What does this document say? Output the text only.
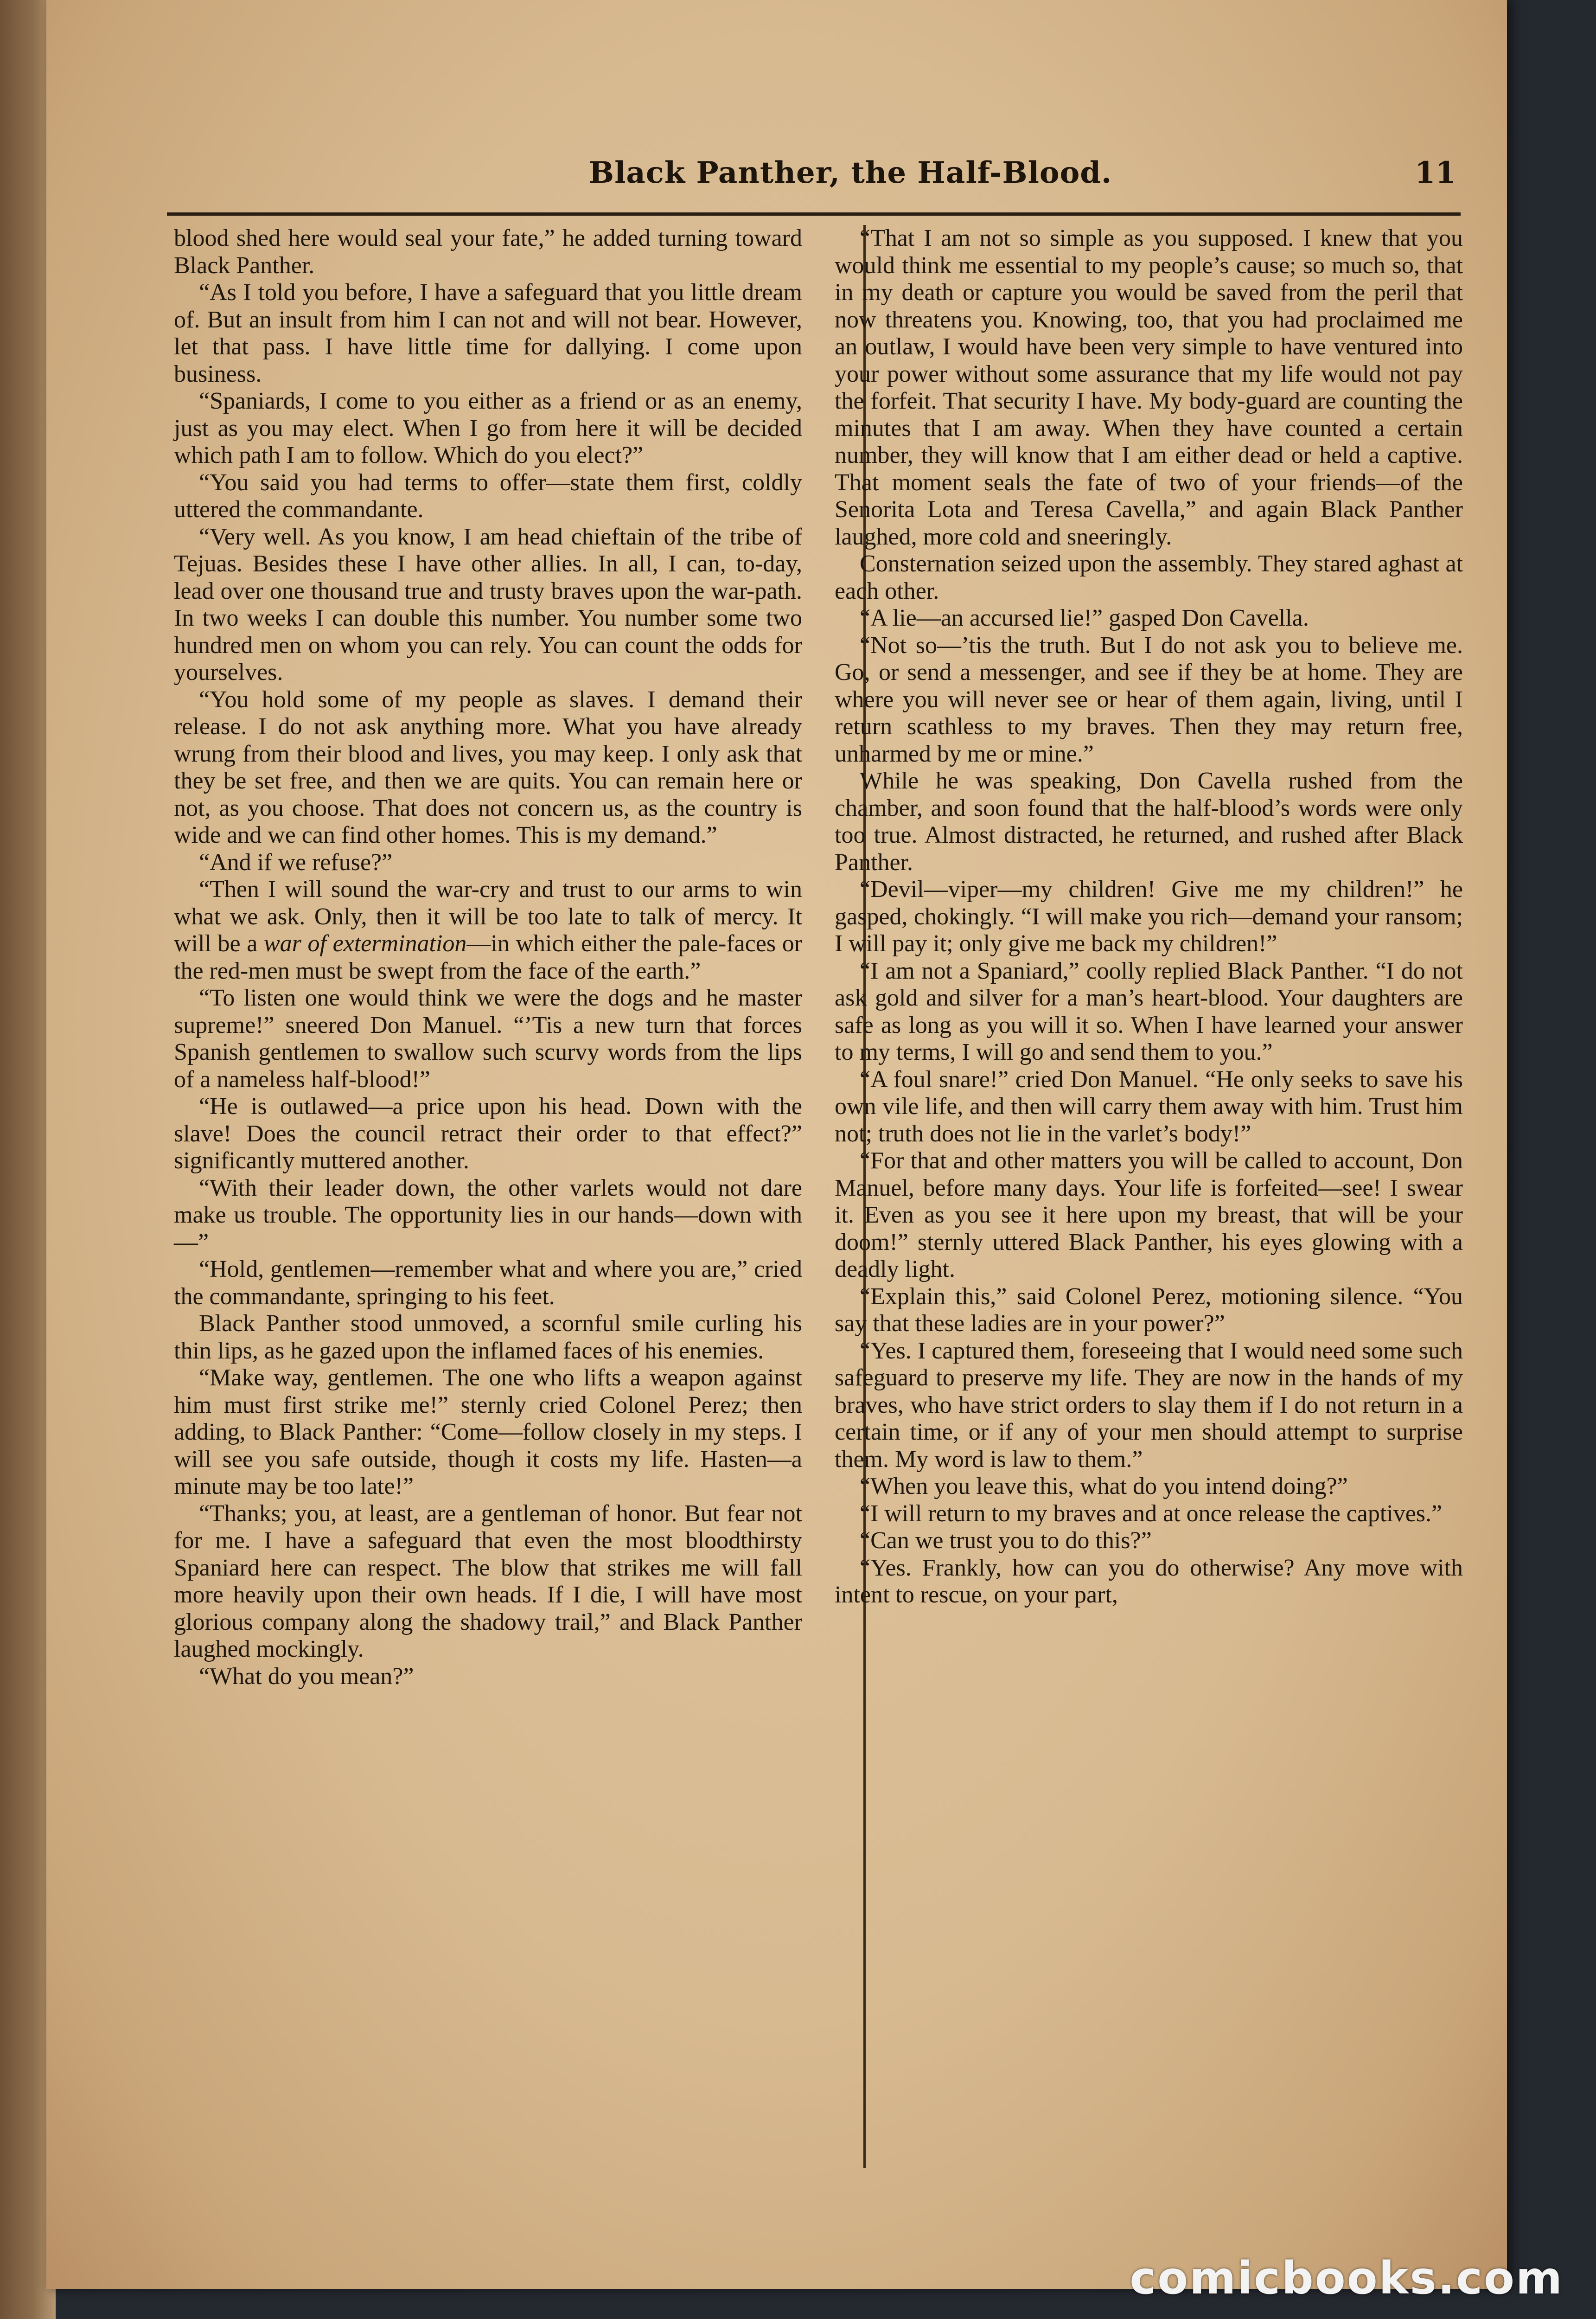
Black Panther, the Half-Blood.	11

blood shed here would seal your fate,” he added turning toward Black Panther.

“As I told you before, I have a safeguard that you little dream of. But an insult from him I can not and will not bear. However, let that pass. I have little time for dallying. I come upon business.

“Spaniards, I come to you either as a friend or as an enemy, just as you may elect. When I go from here it will be decided which path I am to follow. Which do you elect?”

“You said you had terms to offer—state them first, coldly uttered the commandante.

“Very well. As you know, I am head chieftain of the tribe of Tejuas. Besides these I have other allies. In all, I can, to-day, lead over one thousand true and trusty braves upon the war-path. In two weeks I can double this number. You number some two hundred men on whom you can rely. You can count the odds for yourselves.

“You hold some of my people as slaves. I demand their release. I do not ask anything more. What you have already wrung from their blood and lives, you may keep. I only ask that they be set free, and then we are quits. You can remain here or not, as you choose. That does not concern us, as the country is wide and we can find other homes. This is my demand.”

“And if we refuse?”

“Then I will sound the war-cry and trust to our arms to win what we ask. Only, then it will be too late to talk of mercy. It will be a war of extermination—in which either the pale-faces or the red-men must be swept from the face of the earth.”

“To listen one would think we were the dogs and he master supreme!” sneered Don Manuel. “’Tis a new turn that forces Spanish gentlemen to swallow such scurvy words from the lips of a nameless half-blood!”

“He is outlawed—a price upon his head. Down with the slave! Does the council retract their order to that effect?” significantly muttered another.

“With their leader down, the other varlets would not dare make us trouble. The opportunity lies in our hands—down with—”

“Hold, gentlemen—remember what and where you are,” cried the commandante, springing to his feet.

Black Panther stood unmoved, a scornful smile curling his thin lips, as he gazed upon the inflamed faces of his enemies.

“Make way, gentlemen. The one who lifts a weapon against him must first strike me!” sternly cried Colonel Perez; then adding, to Black Panther: “Come—follow closely in my steps. I will see you safe outside, though it costs my life. Hasten—a minute may be too late!”

“Thanks; you, at least, are a gentleman of honor. But fear not for me. I have a safeguard that even the most bloodthirsty Spaniard here can respect. The blow that strikes me will fall more heavily upon their own heads. If I die, I will have most glorious company along the shadowy trail,” and Black Panther laughed mockingly.

“What do you mean?”

“That I am not so simple as you supposed. I knew that you would think me essential to my people’s cause; so much so, that in my death or capture you would be saved from the peril that now threatens you. Knowing, too, that you had proclaimed me an outlaw, I would have been very simple to have ventured into your power without some assurance that my life would not pay the forfeit. That security I have. My body-guard are counting the minutes that I am away. When they have counted a certain number, they will know that I am either dead or held a captive. That moment seals the fate of two of your friends—of the Senorita Lota and Teresa Cavella,” and again Black Panther laughed, more cold and sneeringly.

Consternation seized upon the assembly. They stared aghast at each other.

“A lie—an accursed lie!” gasped Don Cavella.

“Not so—’tis the truth. But I do not ask you to believe me. Go, or send a messenger, and see if they be at home. They are where you will never see or hear of them again, living, until I return scathless to my braves. Then they may return free, unharmed by me or mine.”

While he was speaking, Don Cavella rushed from the chamber, and soon found that the half-blood’s words were only too true. Almost distracted, he returned, and rushed after Black Panther.

“Devil—viper—my children! Give me my children!” he gasped, chokingly. “I will make you rich—demand your ransom; I will pay it; only give me back my children!”

“I am not a Spaniard,” coolly replied Black Panther. “I do not ask gold and silver for a man’s heart-blood. Your daughters are safe as long as you will it so. When I have learned your answer to my terms, I will go and send them to you.”

“A foul snare!” cried Don Manuel. “He only seeks to save his own vile life, and then will carry them away with him. Trust him not; truth does not lie in the varlet’s body!”

“For that and other matters you will be called to account, Don Manuel, before many days. Your life is forfeited—see! I swear it. Even as you see it here upon my breast, that will be your doom!” sternly uttered Black Panther, his eyes glowing with a deadly light.

“Explain this,” said Colonel Perez, motioning silence. “You say that these ladies are in your power?”

“Yes. I captured them, foreseeing that I would need some such safeguard to preserve my life. They are now in the hands of my braves, who have strict orders to slay them if I do not return in a certain time, or if any of your men should attempt to surprise them. My word is law to them.”

“When you leave this, what do you intend doing?”

“I will return to my braves and at once release the captives.”

“Can we trust you to do this?”

“Yes. Frankly, how can you do otherwise? Any move with intent to rescue, on your part,

comicbooks.com
